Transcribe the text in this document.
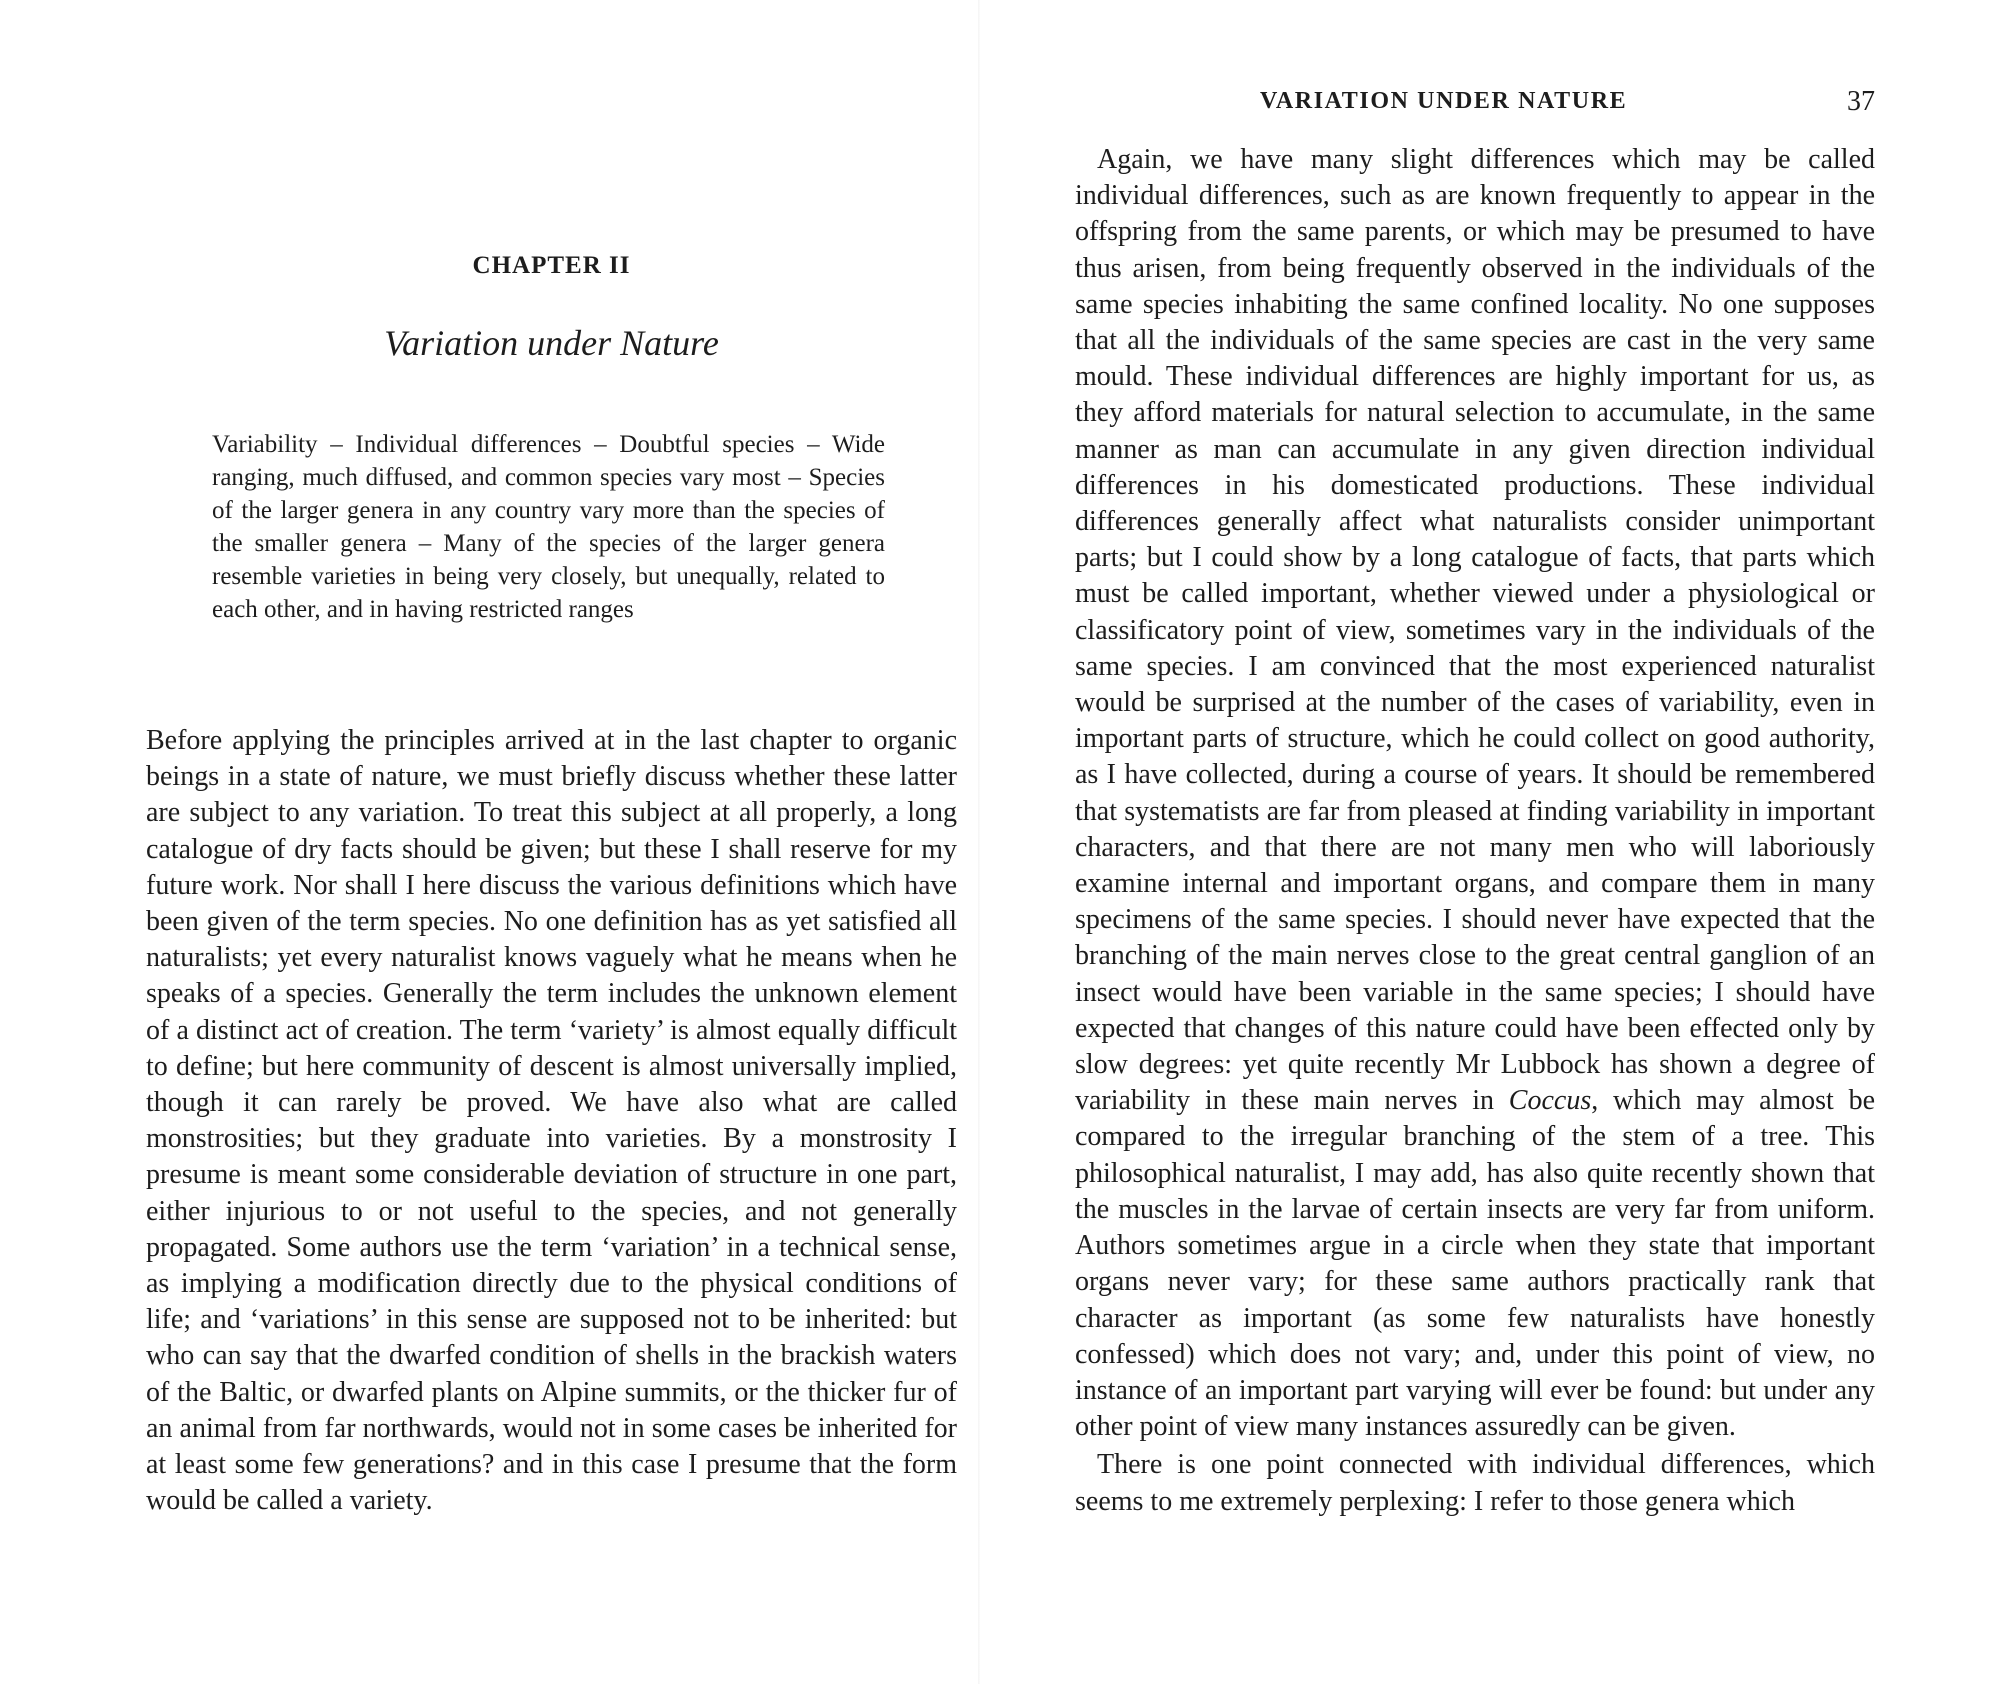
CHAPTER II
Variation under Nature

Variability – Individual differences – Doubtful species – Wide ranging, much diffused, and common species vary most – Species of the larger genera in any country vary more than the species of the smaller genera – Many of the species of the larger genera resemble varieties in being very closely, but unequally, related to each other, and in having restricted ranges

Before applying the principles arrived at in the last chapter to organic beings in a state of nature, we must briefly discuss whether these latter are subject to any variation. To treat this subject at all properly, a long catalogue of dry facts should be given; but these I shall reserve for my future work. Nor shall I here discuss the various definitions which have been given of the term species. No one definition has as yet satisfied all naturalists; yet every naturalist knows vaguely what he means when he speaks of a species. Generally the term includes the unknown element of a distinct act of creation. The term ‘variety’ is almost equally difficult to define; but here community of descent is almost universally implied, though it can rarely be proved. We have also what are called monstrosities; but they graduate into varieties. By a monstrosity I presume is meant some considerable deviation of structure in one part, either injurious to or not useful to the species, and not generally propagated. Some authors use the term ‘variation’ in a technical sense, as implying a modification directly due to the physical conditions of life; and ‘variations’ in this sense are supposed not to be inherited: but who can say that the dwarfed condition of shells in the brackish waters of the Baltic, or dwarfed plants on Alpine summits, or the thicker fur of an animal from far northwards, would not in some cases be inherited for at least some few generations? and in this case I presume that the form would be called a variety.

VARIATION UNDER NATURE	37

Again, we have many slight differences which may be called individual differences, such as are known frequently to appear in the offspring from the same parents, or which may be presumed to have thus arisen, from being frequently observed in the individuals of the same species inhabiting the same confined locality. No one supposes that all the individuals of the same species are cast in the very same mould. These individual differences are highly important for us, as they afford materials for natural selection to accumulate, in the same manner as man can accumulate in any given direction individual differences in his domesticated productions. These individual differences generally affect what naturalists consider unimportant parts; but I could show by a long catalogue of facts, that parts which must be called important, whether viewed under a physiological or classificatory point of view, sometimes vary in the individuals of the same species. I am convinced that the most experienced naturalist would be surprised at the number of the cases of variability, even in important parts of structure, which he could collect on good authority, as I have collected, during a course of years. It should be remembered that systematists are far from pleased at finding variability in important characters, and that there are not many men who will laboriously examine internal and important organs, and compare them in many specimens of the same species. I should never have expected that the branching of the main nerves close to the great central ganglion of an insect would have been variable in the same species; I should have expected that changes of this nature could have been effected only by slow degrees: yet quite recently Mr Lubbock has shown a degree of variability in these main nerves in Coccus, which may almost be compared to the irregular branching of the stem of a tree. This philosophical naturalist, I may add, has also quite recently shown that the muscles in the larvae of certain insects are very far from uniform. Authors sometimes argue in a circle when they state that important organs never vary; for these same authors practically rank that character as important (as some few naturalists have honestly confessed) which does not vary; and, under this point of view, no instance of an important part varying will ever be found: but under any other point of view many instances assuredly can be given.

There is one point connected with individual differences, which seems to me extremely perplexing: I refer to those genera which
